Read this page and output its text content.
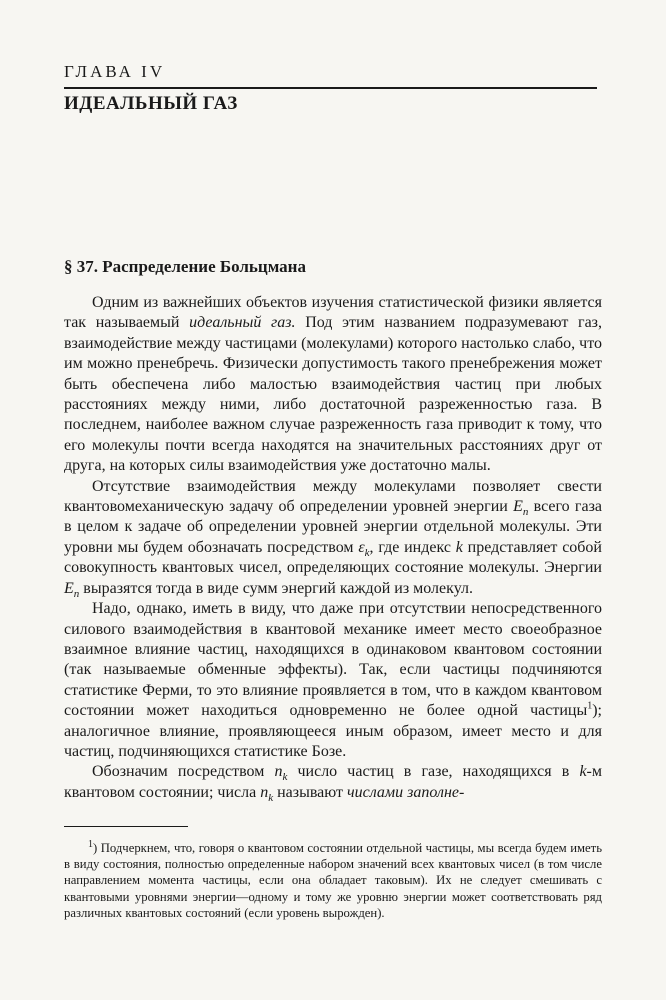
ГЛАВА IV
ИДЕАЛЬНЫЙ ГАЗ
§ 37. Распределение Больцмана

Одним из важнейших объектов изучения статистической физики является так называемый идеальный газ. Под этим названием подразумевают газ, взаимодействие между частицами (молекулами) которого настолько слабо, что им можно пренебречь. Физически допустимость такого пренебрежения может быть обеспечена либо малостью взаимодействия частиц при любых расстояниях между ними, либо достаточной разреженностью газа. В последнем, наиболее важном случае разреженность газа приводит к тому, что его молекулы почти всегда находятся на значительных расстояниях друг от друга, на которых силы взаимодействия уже достаточно малы.

Отсутствие взаимодействия между молекулами позволяет свести квантовомеханическую задачу об определении уровней энергии $E_n$ всего газа в целом к задаче об определении уровней энергии отдельной молекулы. Эти уровни мы будем обозначать посредством $\varepsilon_k$, где индекс k представляет собой совокупность квантовых чисел, определяющих состояние молекулы. Энергии $E_n$ выразятся тогда в виде сумм энергий каждой из молекул.

Надо, однако, иметь в виду, что даже при отсутствии непосредственного силового взаимодействия в квантовой механике имеет место своеобразное взаимное влияние частиц, находящихся в одинаковом квантовом состоянии (так называемые обменные эффекты). Так, если частицы подчиняются статистике Ферми, то это влияние проявляется в том, что в каждом квантовом состоянии может находиться одновременно не более одной частицы$^1$); аналогичное влияние, проявляющееся иным образом, имеет место и для частиц, подчиняющихся статистике Бозе.

Обозначим посредством $n_k$ число частиц в газе, находящихся в k-м квантовом состоянии; числа $n_k$ называют числами заполне-

$^1$) Подчеркнем, что, говоря о квантовом состоянии отдельной частицы, мы всегда будем иметь в виду состояния, полностью определенные набором значений всех квантовых чисел (в том числе направлением момента частицы, если она обладает таковым). Их не следует смешивать с квантовыми уровнями энергии—одному и тому же уровню энергии может соответствовать ряд различных квантовых состояний (если уровень вырожден).
